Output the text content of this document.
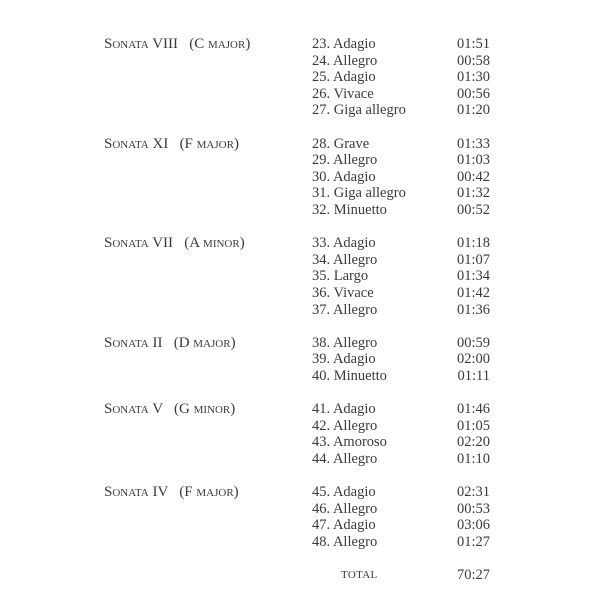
Sonata VIII   (C major)	23. Adagio	01:51
24. Allegro	00:58
25. Adagio	01:30
26. Vivace	00:56
27. Giga allegro	01:20
Sonata XI   (F major)	28. Grave	01:33
29. Allegro	01:03
30. Adagio	00:42
31. Giga allegro	01:32
32. Minuetto	00:52
Sonata VII   (A minor)	33. Adagio	01:18
34. Allegro	01:07
35. Largo	01:34
36. Vivace	01:42
37. Allegro	01:36
Sonata II   (D major)	38. Allegro	00:59
39. Adagio	02:00
40. Minuetto	01:11
Sonata V   (G minor)	41. Adagio	01:46
42. Allegro	01:05
43. Amoroso	02:20
44. Allegro	01:10
Sonata IV   (F major)	45. Adagio	02:31
46. Allegro	00:53
47. Adagio	03:06
48. Allegro	01:27
TOTAL	70:27
